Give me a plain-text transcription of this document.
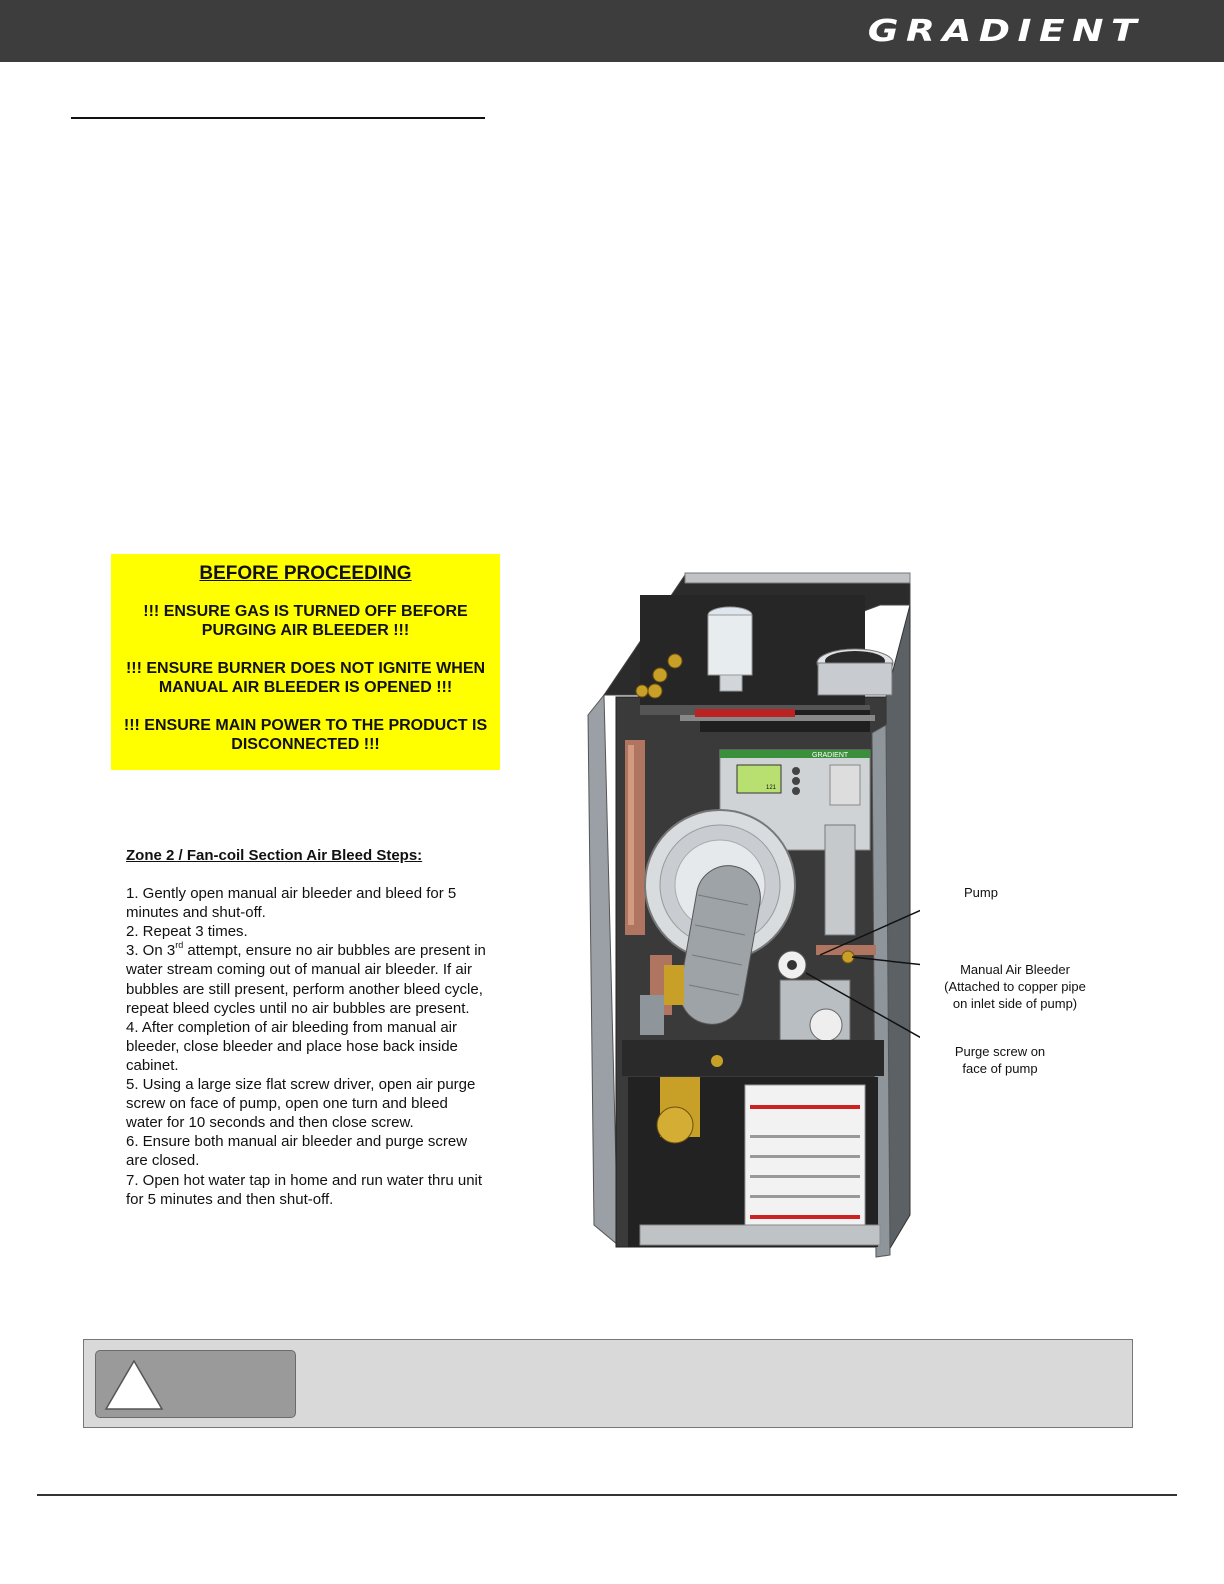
GRADIENT
BEFORE PROCEEDING
!!! ENSURE GAS IS TURNED OFF BEFORE PURGING AIR BLEEDER !!!
!!! ENSURE BURNER DOES NOT IGNITE WHEN MANUAL AIR BLEEDER IS OPENED !!!
!!! ENSURE MAIN POWER TO THE PRODUCT IS DISCONNECTED !!!
Zone 2 / Fan-coil Section Air Bleed Steps:

1. Gently open manual air bleeder and bleed for 5 minutes and shut-off.

2. Repeat 3 times.

3. On 3rd attempt, ensure no air bubbles are present in water stream coming out of manual air bleeder. If air bubbles are still present, perform another bleed cycle, repeat bleed cycles until no air bubbles are present.

4. After completion of air bleeding from manual air bleeder, close bleeder and place hose back inside cabinet.

5. Using a large size flat screw driver, open air purge screw on face of pump, open one turn and bleed water for 10 seconds and then close screw.

6. Ensure both manual air bleeder and purge screw are closed.

7. Open hot water tap in home and run water thru unit for 5 minutes and then shut-off.

GRADIENT
121
Pump
Manual Air Bleeder
(Attached to copper pipe
on inlet side of pump)
Purge screw on
face of pump
